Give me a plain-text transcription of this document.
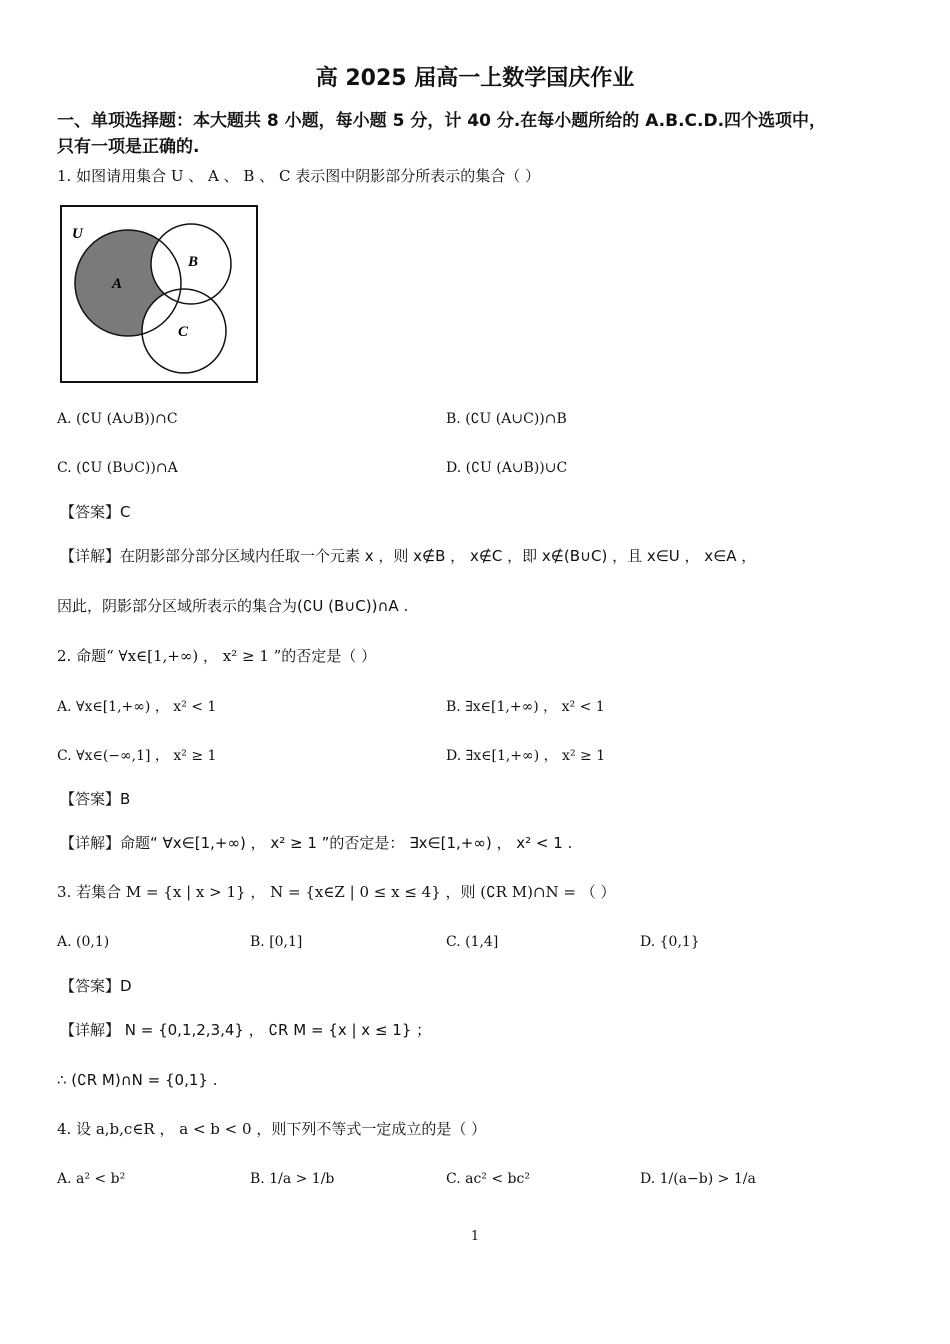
高 2025 届高一上数学国庆作业
一、单项选择题：本大题共 8 小题，每小题 5 分，计 40 分.在每小题所给的 A.B.C.D.四个选项中，
只有一项是正确的.
1. 如图请用集合 U 、 A 、 B 、 C 表示图中阴影部分所表示的集合（ ）
U
A
B
C
A. (∁U (A∪B))∩C	B. (∁U (A∪C))∩B
C. (∁U (B∪C))∩A	D. (∁U (A∪B))∪C
【答案】C
【详解】在阴影部分部分区域内任取一个元素 x ，则 x∉B ， x∉C ，即 x∉(B∪C) ，且 x∈U ， x∈A ，
因此，阴影部分区域所表示的集合为(∁U (B∪C))∩A .
2. 命题“ ∀x∈[1,+∞) ， x² ≥ 1 ”的否定是（ ）
A. ∀x∈[1,+∞) ， x² < 1	B. ∃x∈[1,+∞) ， x² < 1
C. ∀x∈(−∞,1] ， x² ≥ 1	D. ∃x∈[1,+∞) ， x² ≥ 1
【答案】B
【详解】命题“ ∀x∈[1,+∞) ， x² ≥ 1 ”的否定是： ∃x∈[1,+∞) ， x² < 1 .
3. 若集合 M = {x | x > 1} ， N = {x∈Z | 0 ≤ x ≤ 4} ，则 (∁R M)∩N = （ ）
A. (0,1)	B. [0,1]	C. (1,4]	D. {0,1}
【答案】D
【详解】 N = {0,1,2,3,4} ， ∁R M = {x | x ≤ 1} ；
∴ (∁R M)∩N = {0,1} .
4. 设 a,b,c∈R ， a < b < 0 ，则下列不等式一定成立的是（ ）
A. a² < b²	B. 1/a > 1/b	C. ac² < bc²	D. 1/(a−b) > 1/a
1
